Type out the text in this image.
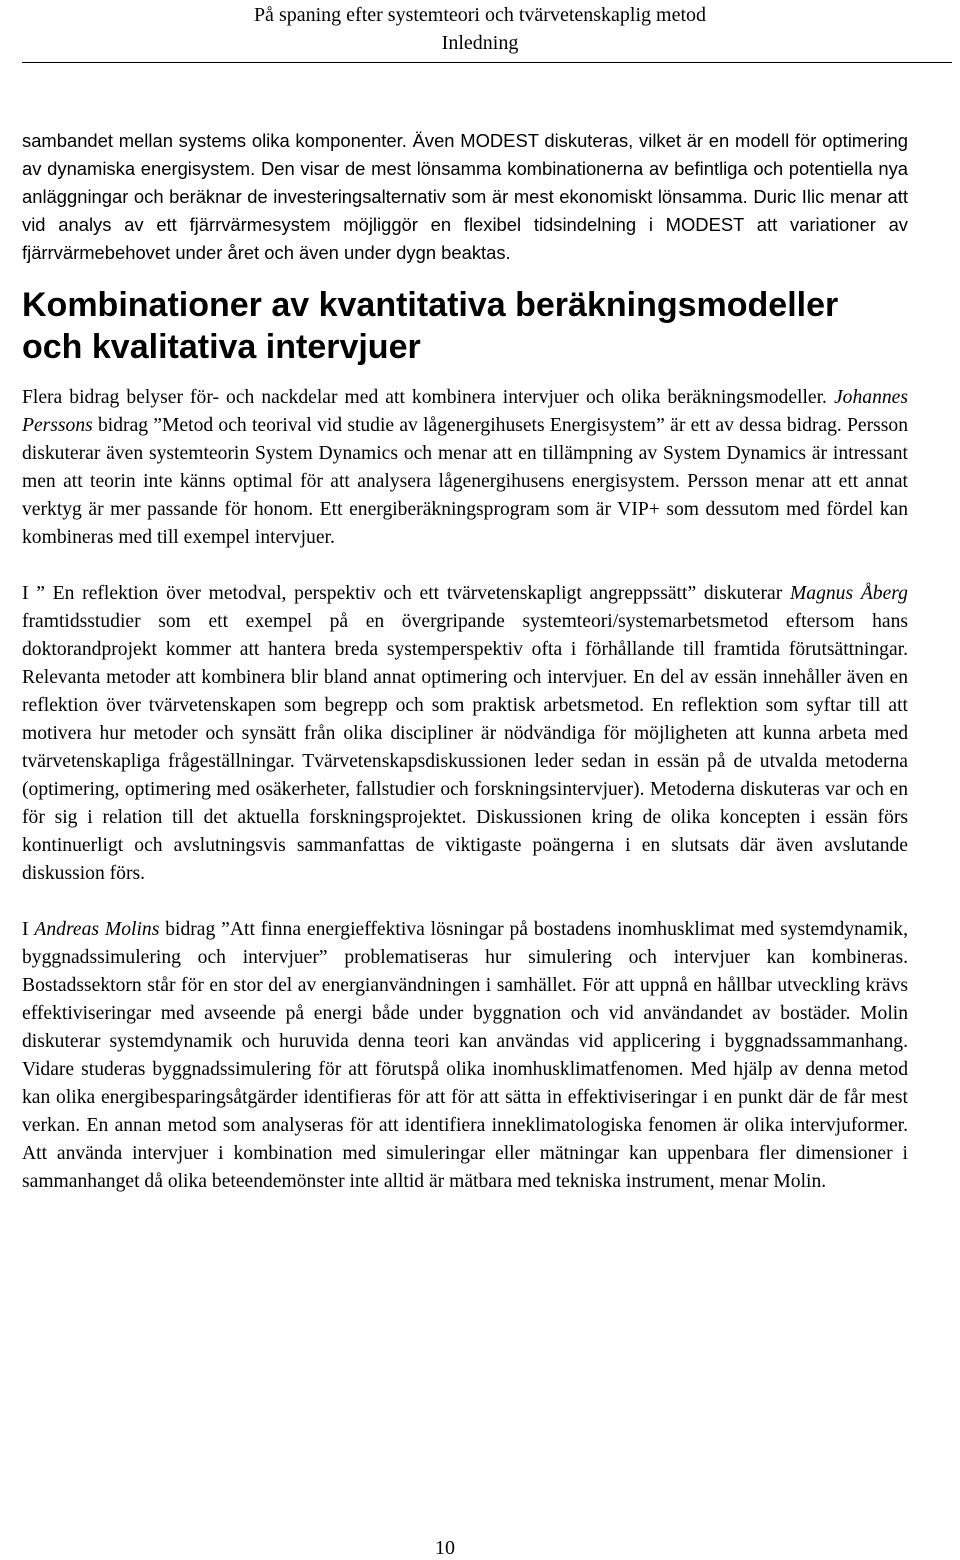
På spaning efter systemteori och tvärvetenskaplig metod
Inledning

sambandet mellan systems olika komponenter. Även MODEST diskuteras, vilket är en modell för optimering av dynamiska energisystem. Den visar de mest lönsamma kombinationerna av befintliga och potentiella nya anläggningar och beräknar de investeringsalternativ som är mest ekonomiskt lönsamma. Duric Ilic menar att vid analys av ett fjärrvärmesystem möjliggör en flexibel tidsindelning i MODEST att variationer av fjärrvärmebehovet under året och även under dygn beaktas.

Kombinationer av kvantitativa beräkningsmodeller och kvalitativa intervjuer

Flera bidrag belyser för- och nackdelar med att kombinera intervjuer och olika beräkningsmodeller. Johannes Perssons bidrag ”Metod och teorival vid studie av lågenergihusets Energisystem” är ett av dessa bidrag. Persson diskuterar även systemteorin System Dynamics och menar att en tillämpning av System Dynamics är intressant men att teorin inte känns optimal för att analysera lågenergihusens energisystem. Persson menar att ett annat verktyg är mer passande för honom. Ett energiberäkningsprogram som är VIP+ som dessutom med fördel kan kombineras med till exempel intervjuer.

I ” En reflektion över metodval, perspektiv och ett tvärvetenskapligt angreppssätt” diskuterar Magnus Åberg framtidsstudier som ett exempel på en övergripande systemteori/systemarbetsmetod eftersom hans doktorandprojekt kommer att hantera breda systemperspektiv ofta i förhållande till framtida förutsättningar. Relevanta metoder att kombinera blir bland annat optimering och intervjuer. En del av essän innehåller även en reflektion över tvärvetenskapen som begrepp och som praktisk arbetsmetod. En reflektion som syftar till att motivera hur metoder och synsätt från olika discipliner är nödvändiga för möjligheten att kunna arbeta med tvärvetenskapliga frågeställningar. Tvärvetenskapsdiskussionen leder sedan in essän på de utvalda metoderna (optimering, optimering med osäkerheter, fallstudier och forskningsintervjuer). Metoderna diskuteras var och en för sig i relation till det aktuella forskningsprojektet. Diskussionen kring de olika koncepten i essän förs kontinuerligt och avslutningsvis sammanfattas de viktigaste poängerna i en slutsats där även avslutande diskussion förs.

I Andreas Molins bidrag ”Att finna energieffektiva lösningar på bostadens inomhusklimat med systemdynamik, byggnadssimulering och intervjuer” problematiseras hur simulering och intervjuer kan kombineras. Bostadssektorn står för en stor del av energianvändningen i samhället. För att uppnå en hållbar utveckling krävs effektiviseringar med avseende på energi både under byggnation och vid användandet av bostäder. Molin diskuterar systemdynamik och huruvida denna teori kan användas vid applicering i byggnadssammanhang. Vidare studeras byggnadssimulering för att förutspå olika inomhusklimatfenomen. Med hjälp av denna metod kan olika energibesparingsåtgärder identifieras för att för att sätta in effektiviseringar i en punkt där de får mest verkan. En annan metod som analyseras för att identifiera inneklimatologiska fenomen är olika intervjuformer. Att använda intervjuer i kombination med simuleringar eller mätningar kan uppenbara fler dimensioner i sammanhanget då olika beteendemönster inte alltid är mätbara med tekniska instrument, menar Molin.

10
